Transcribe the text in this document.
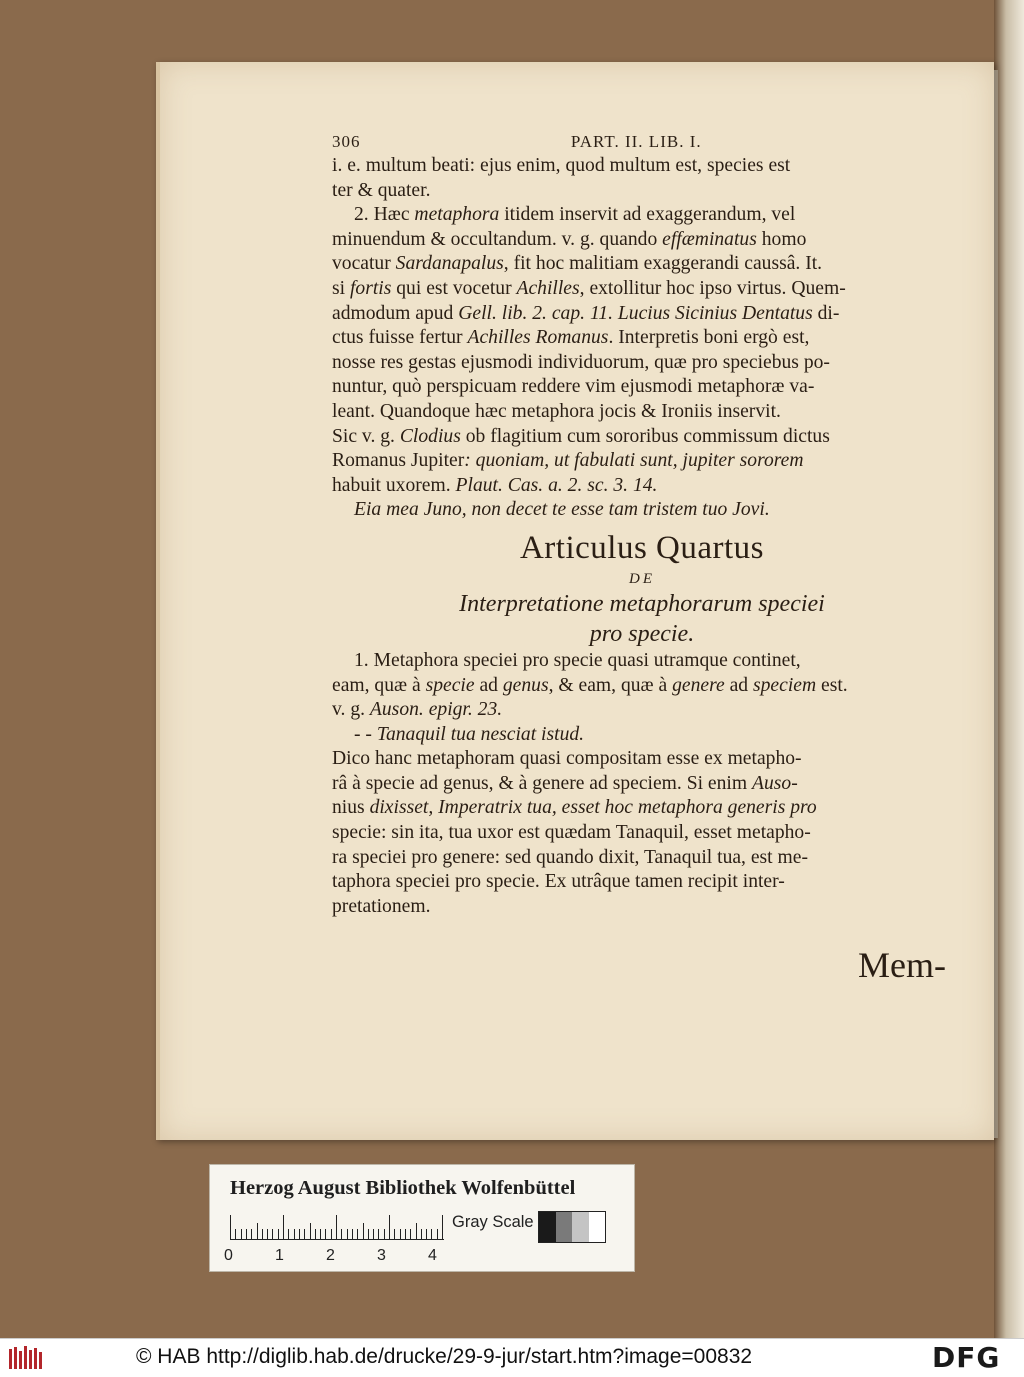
306	PART. II. LIB. I.
i. e. multum beati: ejus enim, quod multum est, species est
ter & quater.
2. Hæc metaphora itidem inservit ad exaggerandum, vel
minuendum & occultandum. v. g. quando effæminatus homo
vocatur Sardanapalus, fit hoc malitiam exaggerandi caussâ. It.
si fortis qui est vocetur Achilles, extollitur hoc ipso virtus. Quem-
admodum apud Gell. lib. 2. cap. 11. Lucius Sicinius Dentatus di-
ctus fuisse fertur Achilles Romanus. Interpretis boni ergò est,
nosse res gestas ejusmodi individuorum, quæ pro speciebus po-
nuntur, quò perspicuam reddere vim ejusmodi metaphoræ va-
leant. Quandoque hæc metaphora jocis & Ironiis inservit.
Sic v. g. Clodius ob flagitium cum sororibus commissum dictus
Romanus Jupiter: quoniam, ut fabulati sunt, jupiter sororem
habuit uxorem. Plaut. Cas. a. 2. sc. 3. 14.
Eia mea Juno, non decet te esse tam tristem tuo Jovi.
Articulus Quartus
DE
Interpretatione metaphorarum speciei
pro specie.
1. Metaphora speciei pro specie quasi utramque continet,
eam, quæ à specie ad genus, & eam, quæ à genere ad speciem est.
v. g. Auson. epigr. 23.
- - Tanaquil tua nesciat istud.
Dico hanc metaphoram quasi compositam esse ex metapho-
râ à specie ad genus, & à genere ad speciem. Si enim Auso-
nius dixisset, Imperatrix tua, esset hoc metaphora generis pro
specie: sin ita, tua uxor est quædam Tanaquil, esset metapho-
ra speciei pro genere: sed quando dixit, Tanaquil tua, est me-
taphora speciei pro specie. Ex utrâque tamen recipit inter-
pretationem.
Mem-
Herzog August Bibliothek Wolfenbüttel
0	1	2	3	4
Gray Scale
© HAB http://diglib.hab.de/drucke/29-9-jur/start.htm?image=00832	DFG
